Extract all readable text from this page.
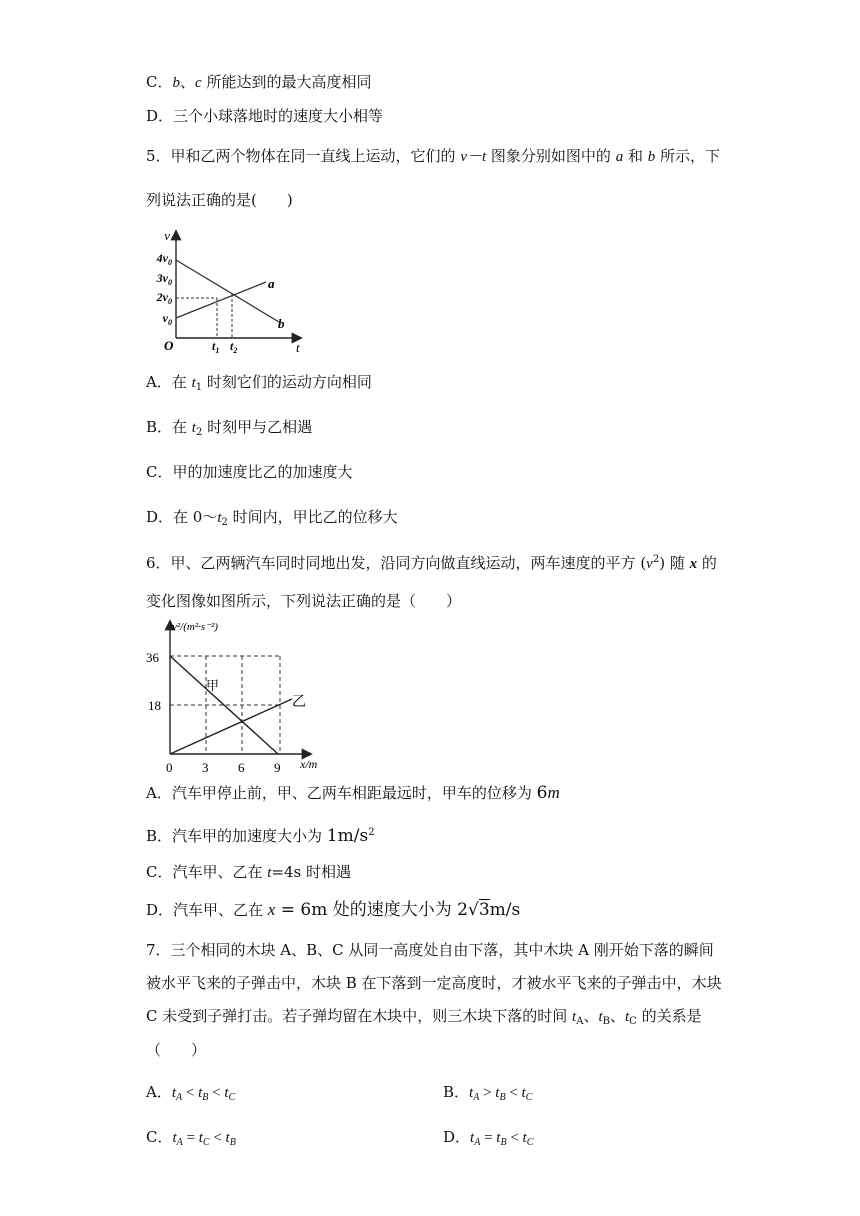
C．b、c 所能达到的最大高度相同
D．三个小球落地时的速度大小相等
5．甲和乙两个物体在同一直线上运动，它们的 v－t 图象分别如图中的 a 和 b 所示，下
列说法正确的是(　　)
v
t
O
$4v_0$
$3v_0$
$2v_0$
$v_0$
a
b
$t_1$ $t_2$
A．在 $t_1$ 时刻它们的运动方向相同
B．在 $t_2$ 时刻甲与乙相遇
C．甲的加速度比乙的加速度大
D．在 $0\sim t_2$ 时间内，甲比乙的位移大
6．甲、乙两辆汽车同时同地出发，沿同方向做直线运动，两车速度的平方 $(v^2)$ 随 x 的
变化图像如图所示，下列说法正确的是（　　）
v²/(m²·s⁻²)
x/m
36
18
0 3 6 9
甲
乙
A．汽车甲停止前，甲、乙两车相距最远时，甲车的位移为 6m
B．汽车甲的加速度大小为 $1m/s^2$
C．汽车甲、乙在 t=4s 时相遇
D．汽车甲、乙在 x = 6m 处的速度大小为 2√3m/s
7．三个相同的木块 A、B、C 从同一高度处自由下落，其中木块 A 刚开始下落的瞬间
被水平飞来的子弹击中，木块 B 在下落到一定高度时，才被水平飞来的子弹击中，木块
C 未受到子弹打击。若子弹均留在木块中，则三木块下落的时间 $t_A$、$t_B$、$t_C$ 的关系是
（　　）
A．$t_A < t_B < t_C$	B．$t_A > t_B < t_C$
C．$t_A = t_C < t_B$	D．$t_A = t_B < t_C$
